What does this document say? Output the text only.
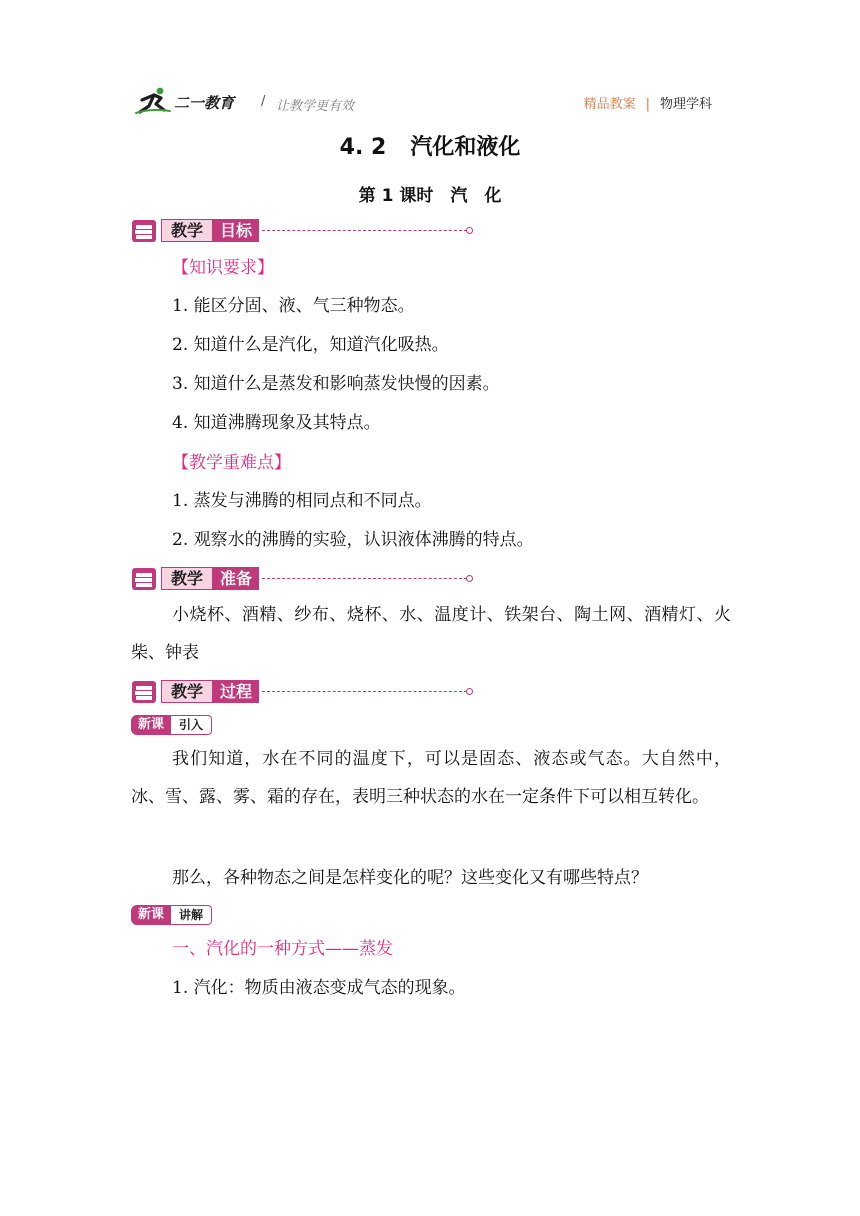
二一教育 / 让教学更有效	精品教案 | 物理学科
4. 2 汽化和液化
第 1 课时　汽　化
教学	目标
【知识要求】
1. 能区分固、液、气三种物态。
2. 知道什么是汽化，知道汽化吸热。
3. 知道什么是蒸发和影响蒸发快慢的因素。
4. 知道沸腾现象及其特点。
【教学重难点】
1. 蒸发与沸腾的相同点和不同点。
2. 观察水的沸腾的实验，认识液体沸腾的特点。
教学	准备
小烧杯、酒精、纱布、烧杯、水、温度计、铁架台、陶土网、酒精灯、火柴、钟表
教学	过程
新课	引入
我们知道，水在不同的温度下，可以是固态、液态或气态。大自然中，冰、雪、露、雾、霜的存在，表明三种状态的水在一定条件下可以相互转化。
那么，各种物态之间是怎样变化的呢？这些变化又有哪些特点？
新课	讲解
一、汽化的一种方式——蒸发
1. 汽化：物质由液态变成气态的现象。
